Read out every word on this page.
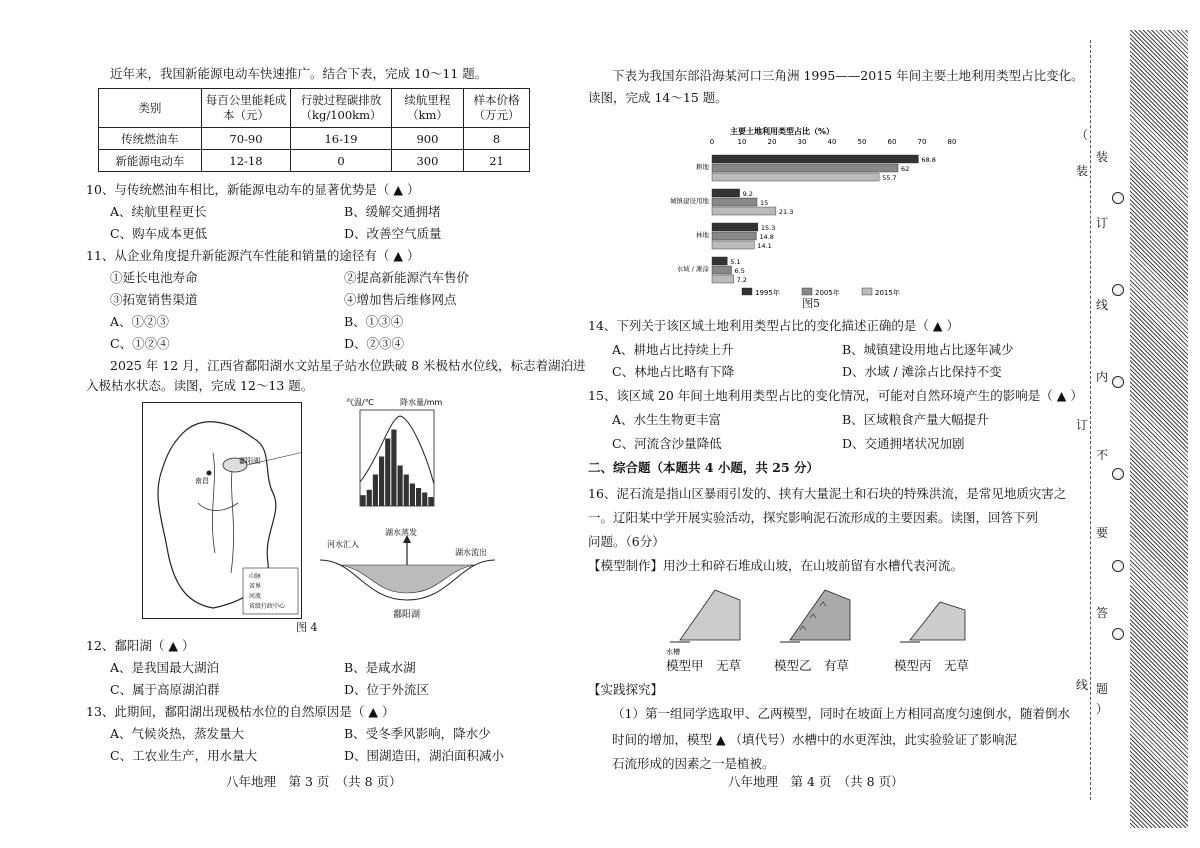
近年来，我国新能源电动车快速推广。结合下表，完成 10～11 题。
类别	每百公里能耗成本（元）	行驶过程碳排放（kg/100km）	续航里程（km）	样本价格（万元）
传统燃油车	70-90	16-19	900	8
新能源电动车	12-18	0	300	21
10、与传统燃油车相比，新能源电动车的显著优势是（ ▲ ）
A、续航里程更长	B、缓解交通拥堵
C、购车成本更低	D、改善空气质量
11、从企业角度提升新能源汽车性能和销量的途径有（ ▲ ）
①延长电池寿命	②提高新能源汽车售价
③拓宽销售渠道	④增加售后维修网点
A、①②③	B、①③④
C、①②④	D、②③④
2025 年 12 月，江西省鄱阳湖水文站星子站水位跌破 8 米极枯水位线，标志着湖泊进
入极枯水状态。读图，完成 12～13 题。
南昌
鄱阳湖
山脉
省界
河流
省级行政中心
气温/℃	降水量/mm
湖水蒸发
河水汇入
湖水流出
鄱阳湖
图 4
12、鄱阳湖（ ▲ ）
A、是我国最大湖泊	B、是咸水湖
C、属于高原湖泊群	D、位于外流区
13、此期间，鄱阳湖出现极枯水位的自然原因是（ ▲ ）
A、气候炎热，蒸发量大	B、受冬季风影响，降水少
C、工农业生产，用水量大	D、围湖造田，湖泊面积减小
八年地理　第 3 页　（共 8 页）
下表为我国东部沿海某河口三角洲 1995——2015 年间主要土地利用类型占比变化。
读图，完成 14～15 题。
主要土地利用类型占比（%）
0	10	20	30	40	50	60	70	80
耕地
68.8
62
55.7
城镇建设用地
9.2
15
21.3
林地
15.3
14.8
14.1
水域 / 滩涂
5.1
6.5
7.2
1995年	2005年	2015年
图5
14、下列关于该区域土地利用类型占比的变化描述正确的是（ ▲ ）
A、耕地占比持续上升	B、城镇建设用地占比逐年减少
C、林地占比略有下降	D、水域 / 滩涂占比保持不变
15、该区域 20 年间土地利用类型占比的变化情况，可能对自然环境产生的影响是（ ▲ ）
A、水生生物更丰富	B、区域粮食产量大幅提升
C、河流含沙量降低	D、交通拥堵状况加剧
二、综合题（本题共 4 小题，共 25 分）
16、泥石流是指山区暴雨引发的、挟有大量泥土和石块的特殊洪流，是常见地质灾害之
一。辽阳某中学开展实验活动，探究影响泥石流形成的主要因素。读图，回答下列
问题。（6分）
【模型制作】用沙土和碎石堆成山坡，在山坡前留有水槽代表河流。
水槽
模型甲　无草	模型乙　有草	模型丙　无草
【实践探究】
（1）第一组同学选取甲、乙两模型，同时在坡面上方相同高度匀速倒水，随着倒水
时间的增加，模型 ▲ （填代号）水槽中的水更浑浊，此实验验证了影响泥
石流形成的因素之一是植被。
八年地理　第 4 页　（共 8 页）
（
装
订
线
内
不
要
答
题
）
装
订
线
